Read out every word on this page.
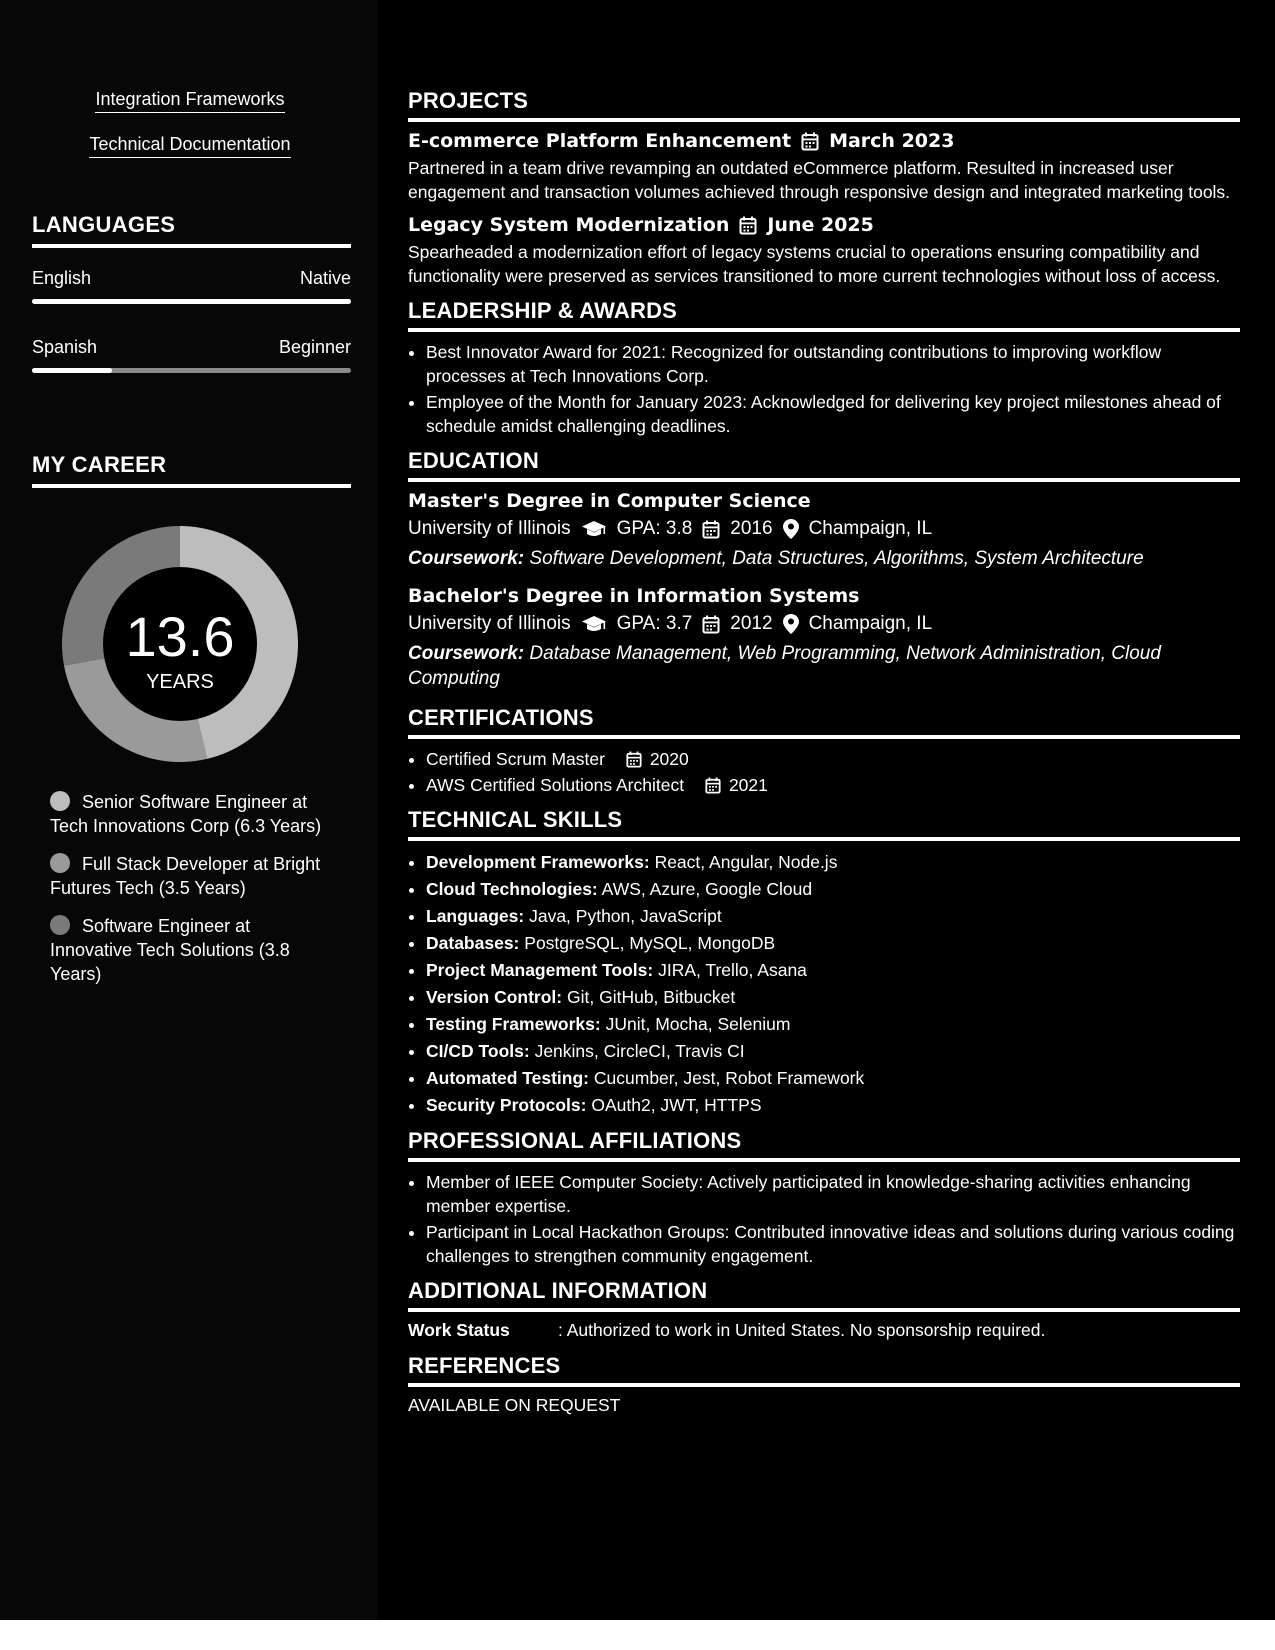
Integration Frameworks
Technical Documentation
LANGUAGES
English	Native
Spanish	Beginner
MY CAREER
13.6
YEARS
Senior Software Engineer at Tech Innovations Corp (6.3 Years)
Full Stack Developer at Bright Futures Tech (3.5 Years)
Software Engineer at Innovative Tech Solutions (3.8 Years)
PROJECTS
E-commerce Platform Enhancement March 2023
Partnered in a team drive revamping an outdated eCommerce platform. Resulted in increased user engagement and transaction volumes achieved through responsive design and integrated marketing tools.
Legacy System Modernization June 2025
Spearheaded a modernization effort of legacy systems crucial to operations ensuring compatibility and functionality were preserved as services transitioned to more current technologies without loss of access.
LEADERSHIP & AWARDS
• Best Innovator Award for 2021: Recognized for outstanding contributions to improving workflow processes at Tech Innovations Corp.
• Employee of the Month for January 2023: Acknowledged for delivering key project milestones ahead of schedule amidst challenging deadlines.
EDUCATION
Master's Degree in Computer Science
University of Illinois GPA: 3.8 2016 Champaign, IL
Coursework: Software Development, Data Structures, Algorithms, System Architecture
Bachelor's Degree in Information Systems
University of Illinois GPA: 3.7 2012 Champaign, IL
Coursework: Database Management, Web Programming, Network Administration, Cloud Computing
CERTIFICATIONS
• Certified Scrum Master
	2020
• AWS Certified Solutions Architect
	2021
TECHNICAL SKILLS
• Development Frameworks: React, Angular, Node.js
• Cloud Technologies: AWS, Azure, Google Cloud
• Languages: Java, Python, JavaScript
• Databases: PostgreSQL, MySQL, MongoDB
• Project Management Tools: JIRA, Trello, Asana
• Version Control: Git, GitHub, Bitbucket
• Testing Frameworks: JUnit, Mocha, Selenium
• CI/CD Tools: Jenkins, CircleCI, Travis CI
• Automated Testing: Cucumber, Jest, Robot Framework
• Security Protocols: OAuth2, JWT, HTTPS
PROFESSIONAL AFFILIATIONS
• Member of IEEE Computer Society: Actively participated in knowledge-sharing activities enhancing member expertise.
• Participant in Local Hackathon Groups: Contributed innovative ideas and solutions during various coding challenges to strengthen community engagement.
ADDITIONAL INFORMATION
Work Status	: Authorized to work in United States. No sponsorship required.
REFERENCES
AVAILABLE ON REQUEST
